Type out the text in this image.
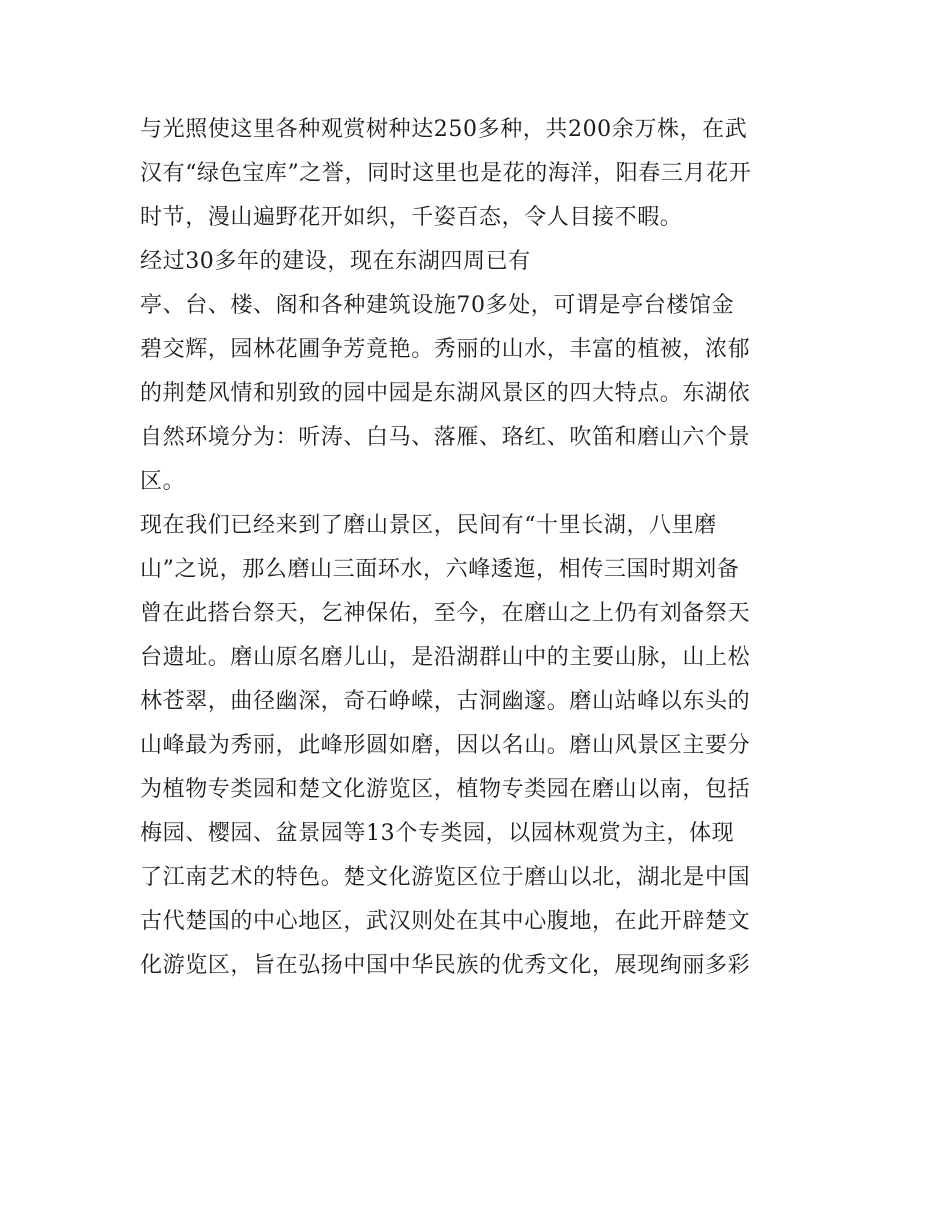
与光照使这里各种观赏树种达250多种，共200余万株，在武
汉有“绿色宝库”之誉，同时这里也是花的海洋，阳春三月花开
时节，漫山遍野花开如织，千姿百态，令人目接不暇。
经过30多年的建设，现在东湖四周已有
亭、台、楼、阁和各种建筑设施70多处，可谓是亭台楼馆金
碧交辉，园林花圃争芳竟艳。秀丽的山水，丰富的植被，浓郁
的荆楚风情和别致的园中园是东湖风景区的四大特点。东湖依
自然环境分为：听涛、白马、落雁、珞红、吹笛和磨山六个景
区。
现在我们已经来到了磨山景区，民间有“十里长湖，八里磨
山”之说，那么磨山三面环水，六峰逶迤，相传三国时期刘备
曾在此搭台祭天，乞神保佑，至今，在磨山之上仍有刘备祭天
台遗址。磨山原名磨儿山，是沿湖群山中的主要山脉，山上松
林苍翠，曲径幽深，奇石峥嵘，古洞幽邃。磨山站峰以东头的
山峰最为秀丽，此峰形圆如磨，因以名山。磨山风景区主要分
为植物专类园和楚文化游览区，植物专类园在磨山以南，包括
梅园、樱园、盆景园等13个专类园，以园林观赏为主，体现
了江南艺术的特色。楚文化游览区位于磨山以北，湖北是中国
古代楚国的中心地区，武汉则处在其中心腹地，在此开辟楚文
化游览区，旨在弘扬中国中华民族的优秀文化，展现绚丽多彩
